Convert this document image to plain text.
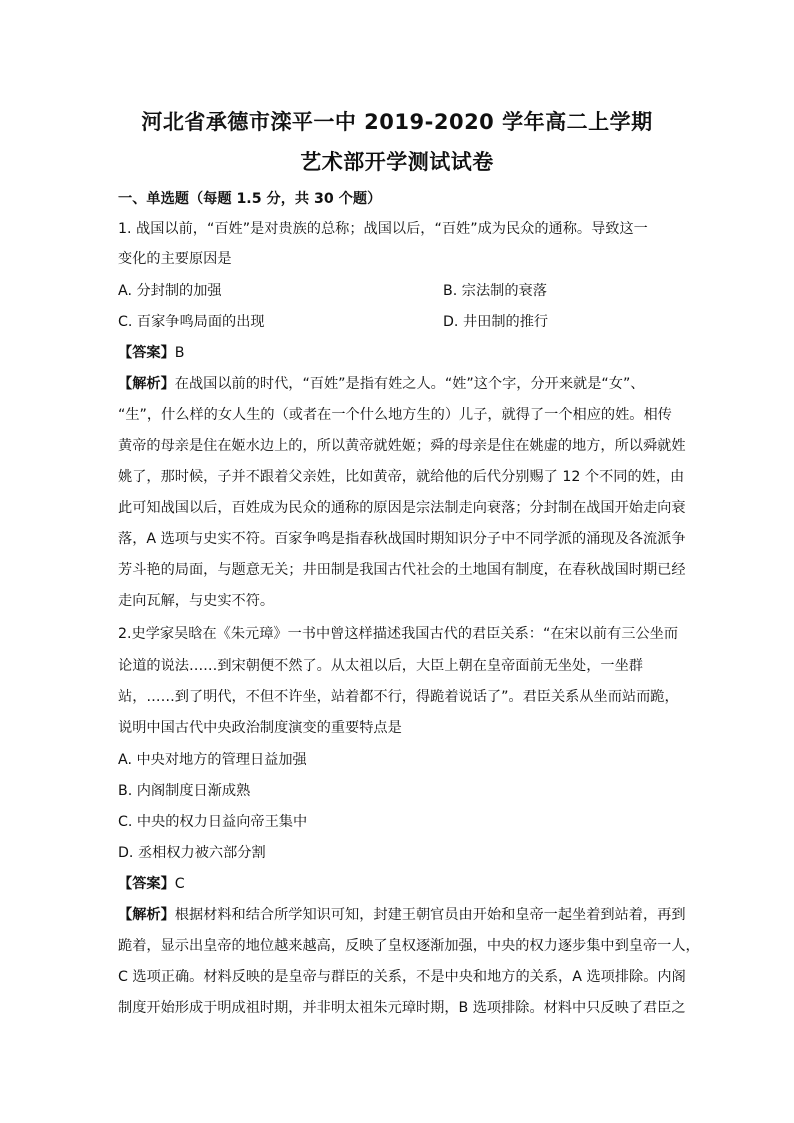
河北省承德市滦平一中 2019-2020 学年高二上学期
艺术部开学测试试卷
一、单选题（每题 1.5 分，共 30 个题）
1. 战国以前，“百姓”是对贵族的总称；战国以后，“百姓”成为民众的通称。导致这一
变化的主要原因是
A. 分封制的加强	B. 宗法制的衰落
C. 百家争鸣局面的出现	D. 井田制的推行
【答案】B
【解析】在战国以前的时代，“百姓”是指有姓之人。“姓”这个字，分开来就是“女”、
“生”，什么样的女人生的（或者在一个什么地方生的）儿子，就得了一个相应的姓。相传
黄帝的母亲是住在姬水边上的，所以黄帝就姓姬；舜的母亲是住在姚虚的地方，所以舜就姓
姚了，那时候，子并不跟着父亲姓，比如黄帝，就给他的后代分别赐了 12 个不同的姓，由
此可知战国以后，百姓成为民众的通称的原因是宗法制走向衰落；分封制在战国开始走向衰
落，A 选项与史实不符。百家争鸣是指春秋战国时期知识分子中不同学派的涌现及各流派争
芳斗艳的局面，与题意无关；井田制是我国古代社会的土地国有制度，在春秋战国时期已经
走向瓦解，与史实不符。
2.史学家吴晗在《朱元璋》一书中曾这样描述我国古代的君臣关系：“在宋以前有三公坐而
论道的说法……到宋朝便不然了。从太祖以后，大臣上朝在皇帝面前无坐处，一坐群
站，……到了明代，不但不许坐，站着都不行，得跪着说话了”。君臣关系从坐而站而跪，
说明中国古代中央政治制度演变的重要特点是
A. 中央对地方的管理日益加强
B. 内阁制度日渐成熟
C. 中央的权力日益向帝王集中
D. 丞相权力被六部分割
【答案】C
【解析】根据材料和结合所学知识可知，封建王朝官员由开始和皇帝一起坐着到站着，再到
跪着，显示出皇帝的地位越来越高，反映了皇权逐渐加强，中央的权力逐步集中到皇帝一人，
C 选项正确。材料反映的是皇帝与群臣的关系，不是中央和地方的关系，A 选项排除。内阁
制度开始形成于明成祖时期，并非明太祖朱元璋时期，B 选项排除。材料中只反映了君臣之
